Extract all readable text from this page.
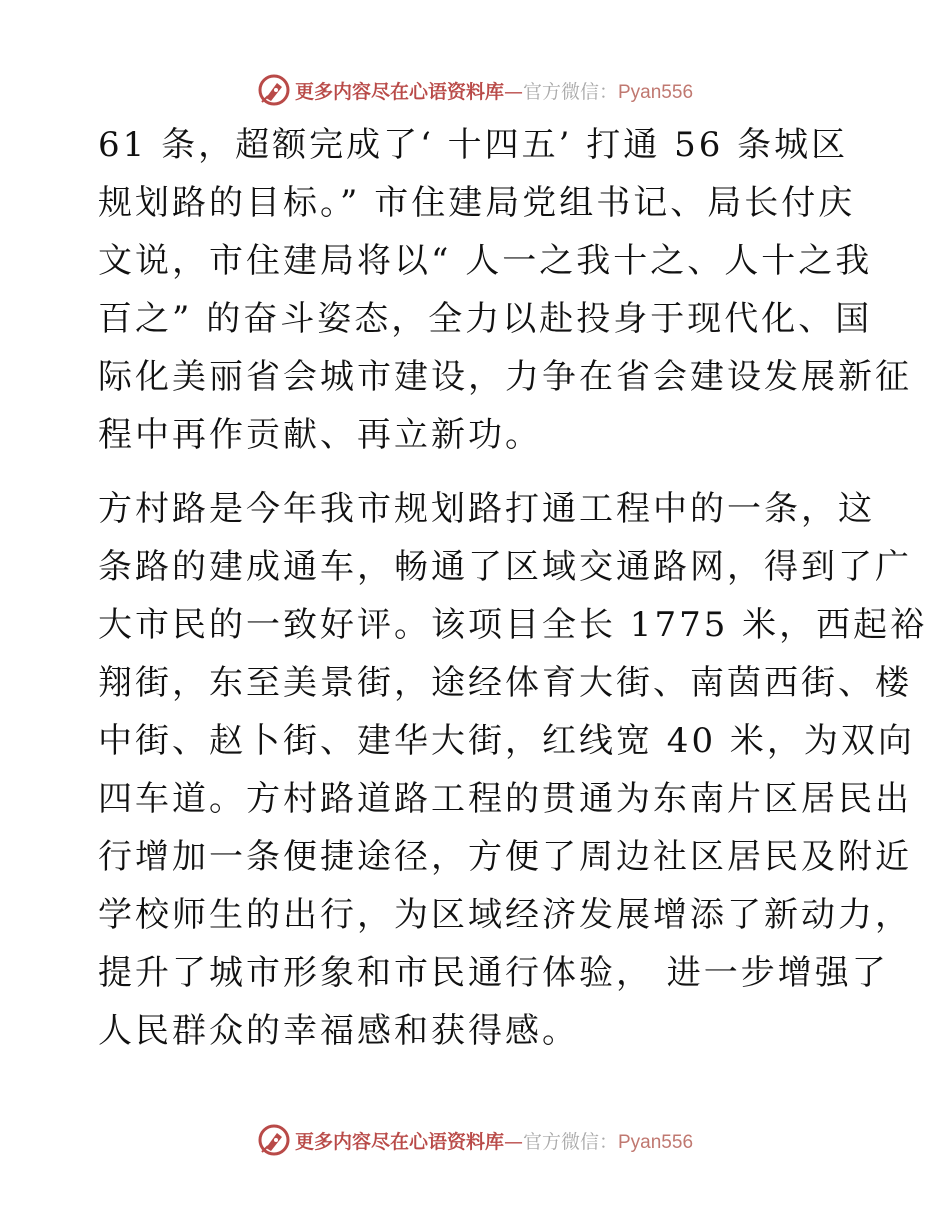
更多内容尽在心语资料库—官方微信：Pyan556

61 条，超额完成了‘ 十四五’ 打通 56 条城区
规划路的目标。” 市住建局党组书记、局长付庆
文说，市住建局将以“ 人一之我十之、人十之我
百之” 的奋斗姿态，全力以赴投身于现代化、国
际化美丽省会城市建设，力争在省会建设发展新征
程中再作贡献、再立新功。

方村路是今年我市规划路打通工程中的一条，这
条路的建成通车，畅通了区域交通路网，得到了广
大市民的一致好评。该项目全长 1775 米，西起裕
翔街，东至美景街，途经体育大街、南茵西街、楼
中街、赵卜街、建华大街，红线宽 40 米，为双向
四车道。方村路道路工程的贯通为东南片区居民出
行增加一条便捷途径，方便了周边社区居民及附近
学校师生的出行，为区域经济发展增添了新动力，
提升了城市形象和市民通行体验， 进一步增强了
人民群众的幸福感和获得感。

更多内容尽在心语资料库—官方微信：Pyan556
